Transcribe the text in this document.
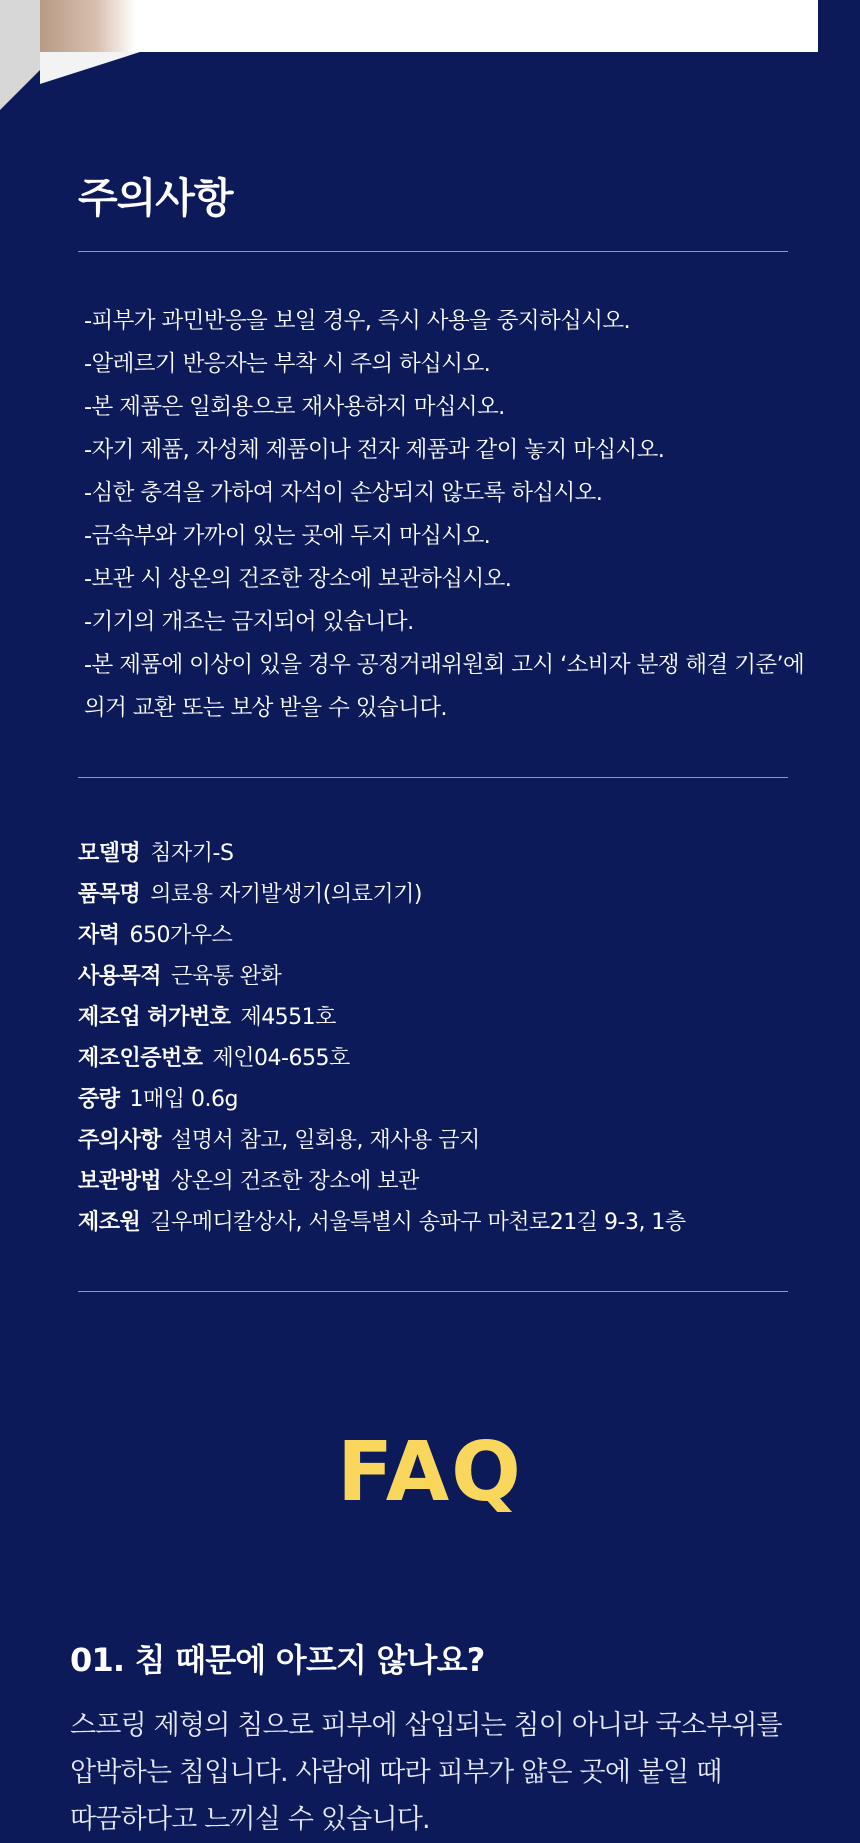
주의사항
-피부가 과민반응을 보일 경우, 즉시 사용을 중지하십시오.
-알레르기 반응자는 부착 시 주의 하십시오.
-본 제품은 일회용으로 재사용하지 마십시오.
-자기 제품, 자성체 제품이나 전자 제품과 같이 놓지 마십시오.
-심한 충격을 가하여 자석이 손상되지 않도록 하십시오.
-금속부와 가까이 있는 곳에 두지 마십시오.
-보관 시 상온의 건조한 장소에 보관하십시오.
-기기의 개조는 금지되어 있습니다.
-본 제품에 이상이 있을 경우 공정거래위원회 고시 ‘소비자 분쟁 해결 기준’에
의거 교환 또는 보상 받을 수 있습니다.
모델명 침자기-S
품목명 의료용 자기발생기(의료기기)
자력 650가우스
사용목적 근육통 완화
제조업 허가번호 제4551호
제조인증번호 제인04-655호
중량 1매입 0.6g
주의사항 설명서 참고, 일회용, 재사용 금지
보관방법 상온의 건조한 장소에 보관
제조원 길우메디칼상사, 서울특별시 송파구 마천로21길 9-3, 1층
FAQ
01. 침 때문에 아프지 않나요?
스프링 제형의 침으로 피부에 삽입되는 침이 아니라 국소부위를
압박하는 침입니다. 사람에 따라 피부가 얇은 곳에 붙일 때
따끔하다고 느끼실 수 있습니다.
